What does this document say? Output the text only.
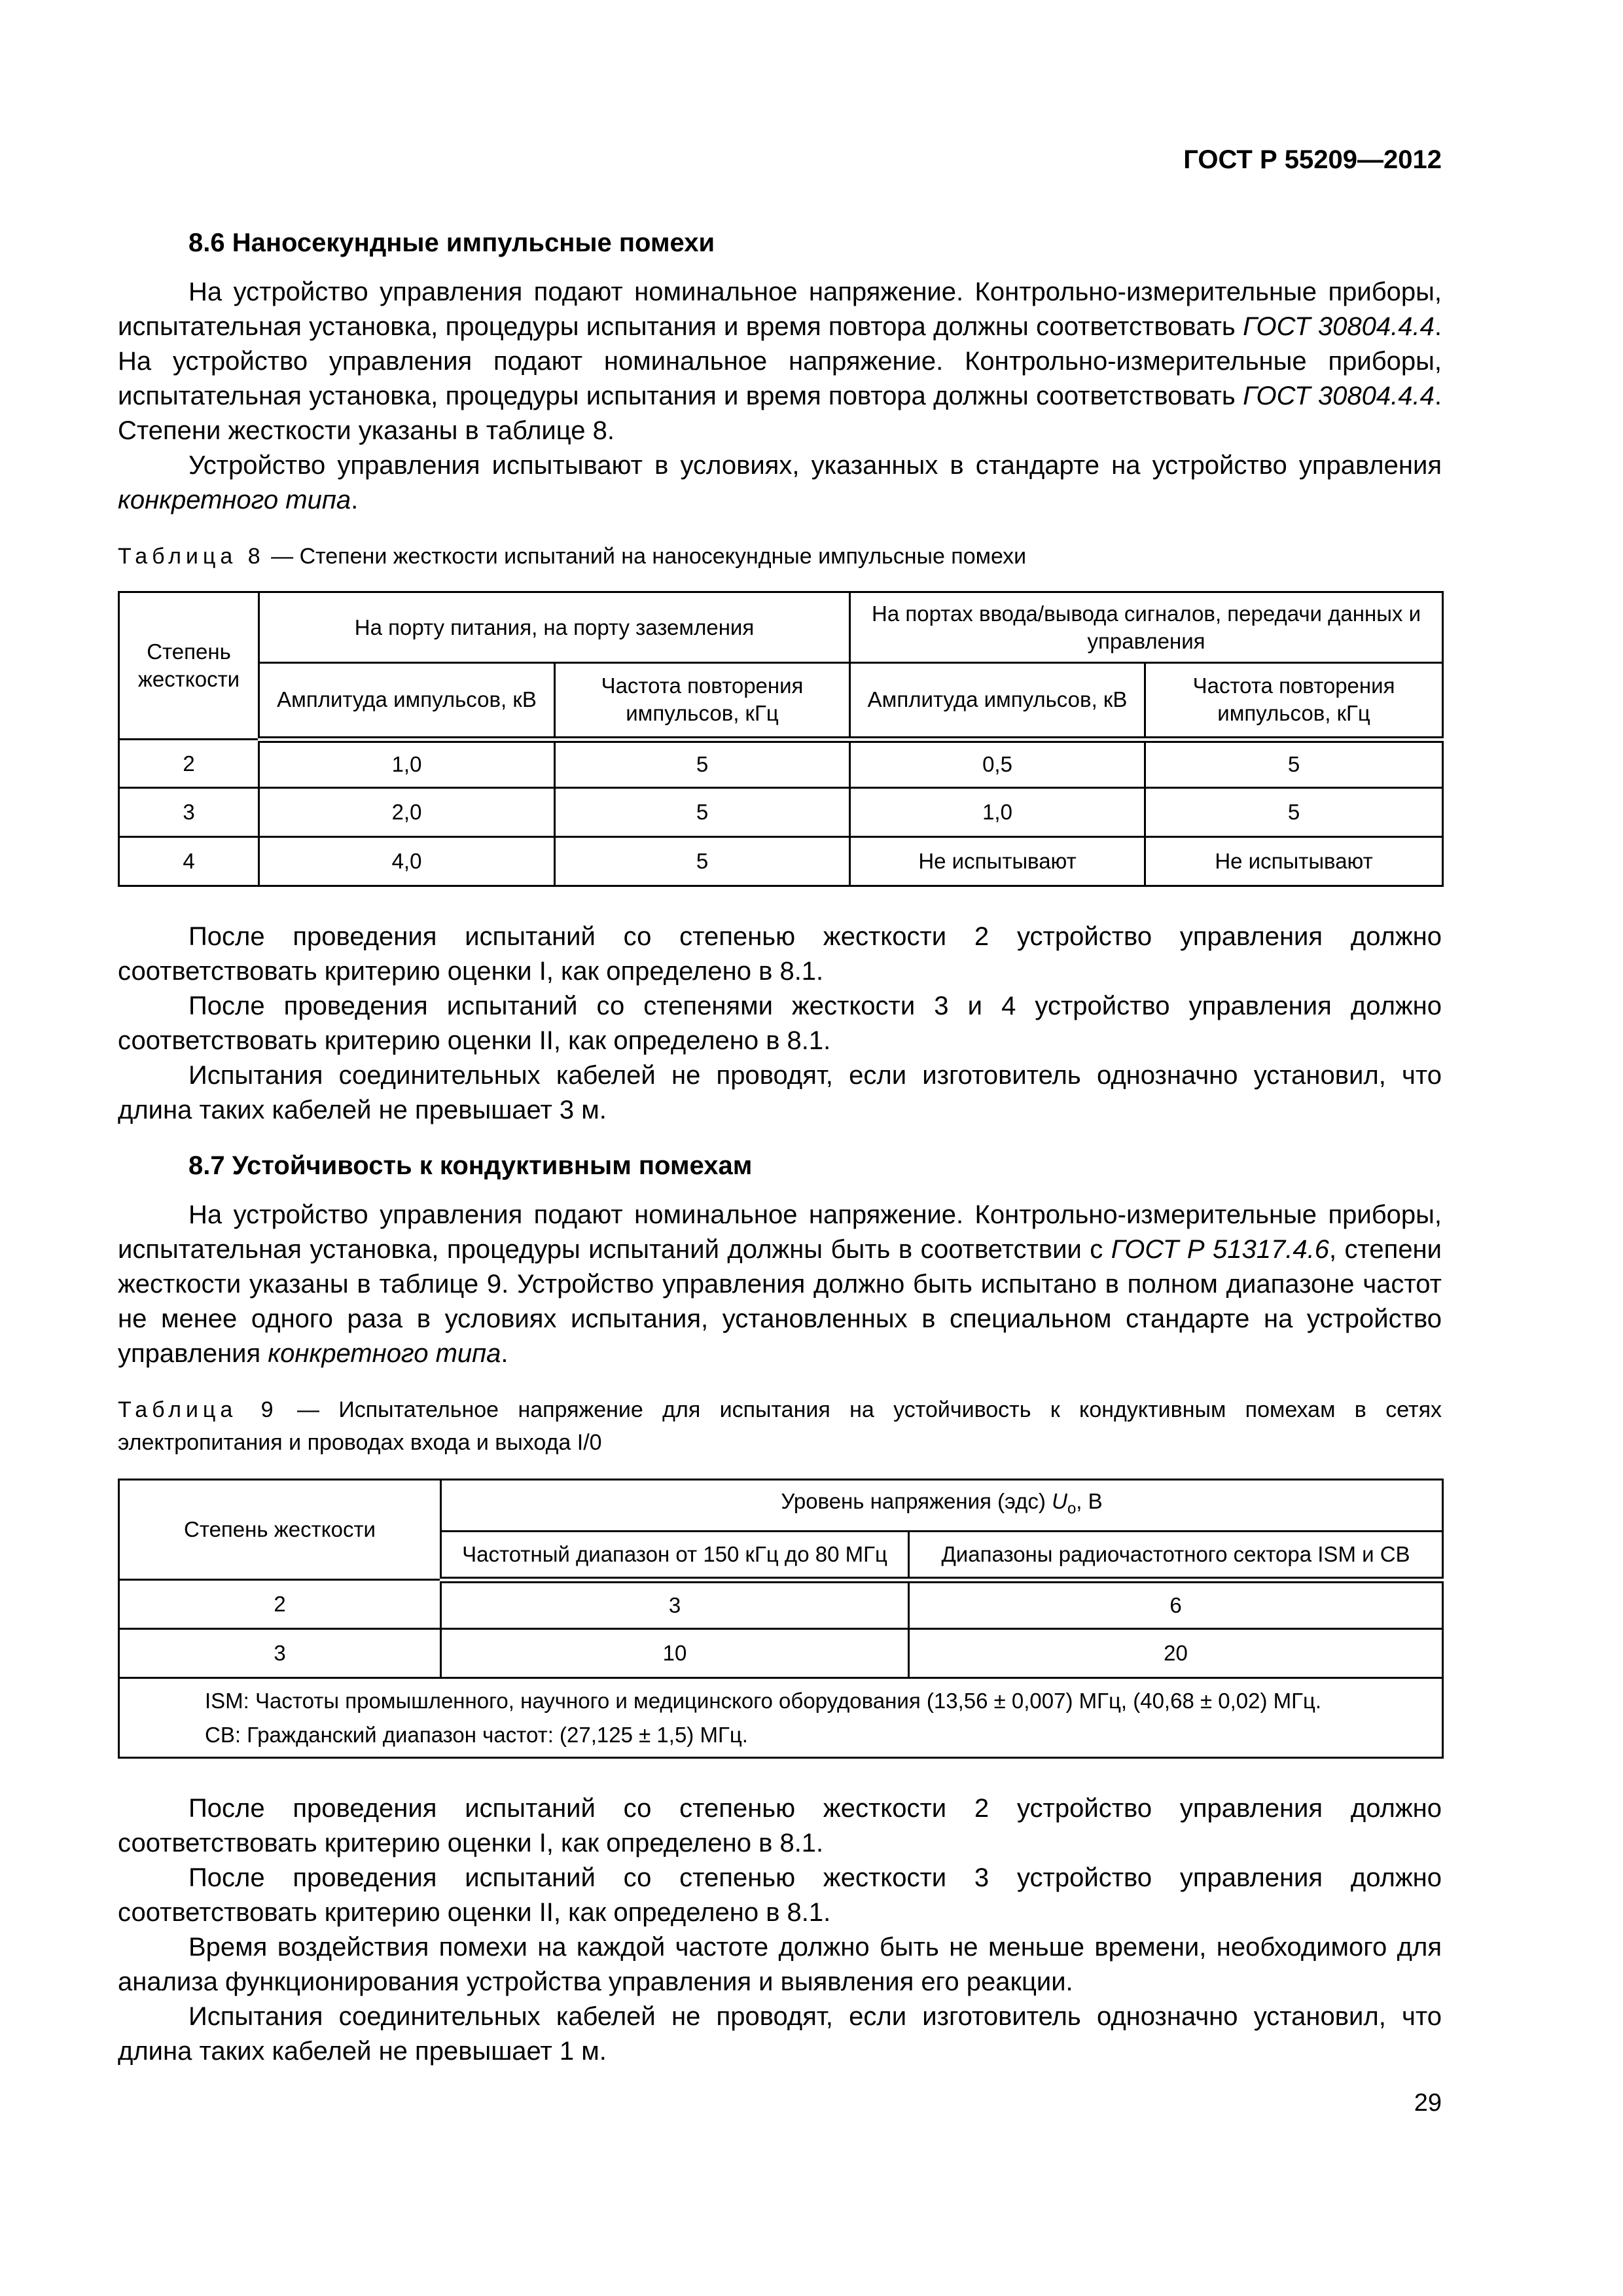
ГОСТ Р 55209—2012
8.6 Наносекундные импульсные помехи

На устройство управления подают номинальное напряжение. Контрольно-измерительные приборы, испытательная установка, процедуры испытания и время повтора должны соответствовать ГОСТ 30804.4.4. На устройство управления подают номинальное напряжение. Контрольно-измерительные приборы, испытательная установка, процедуры испытания и время повтора должны соответствовать ГОСТ 30804.4.4. Степени жесткости указаны в таблице 8.

Устройство управления испытывают в условиях, указанных в стандарте на устройство управления конкретного типа.

Таблица 8 — Степени жесткости испытаний на наносекундные импульсные помехи
Степень жесткости	На порту питания, на порту заземления		На портах ввода/вывода сигналов, передачи данных и управления	
	Амплитуда импульсов, кВ	Частота повторения импульсов, кГц	Амплитуда импульсов, кВ	Частота повторения импульсов, кГц
2	1,0	5	0,5	5
3	2,0	5	1,0	5
4	4,0	5	Не испытывают	Не испытывают

После проведения испытаний со степенью жесткости 2 устройство управления должно соответствовать критерию оценки I, как определено в 8.1.

После проведения испытаний со степенями жесткости 3 и 4 устройство управления должно соответствовать критерию оценки II, как определено в 8.1.

Испытания соединительных кабелей не проводят, если изготовитель однозначно установил, что длина таких кабелей не превышает 3 м.

8.7 Устойчивость к кондуктивным помехам

На устройство управления подают номинальное напряжение. Контрольно-измерительные приборы, испытательная установка, процедуры испытаний должны быть в соответствии с ГОСТ Р 51317.4.6, степени жесткости указаны в таблице 9. Устройство управления должно быть испытано в полном диапазоне частот не менее одного раза в условиях испытания, установленных в специальном стандарте на устройство управления конкретного типа.

Таблица 9 — Испытательное напряжение для испытания на устойчивость к кондуктивным помехам в сетях электропитания и проводах входа и выхода I/0
Степень жесткости	Уровень напряжения (эдс) $U_o$, В	
	Частотный диапазон от 150 кГц до 80 МГц	Диапазоны радиочастотного сектора ISM и CB
2	3	6
3	10	20

ISM: Частоты промышленного, научного и медицинского оборудования (13,56 ± 0,007) МГц, (40,68 ± 0,02) МГц.
CB: Гражданский диапазон частот: (27,125 ± 1,5) МГц.		

После проведения испытаний со степенью жесткости 2 устройство управления должно соответствовать критерию оценки I, как определено в 8.1.

После проведения испытаний со степенью жесткости 3 устройство управления должно соответствовать критерию оценки II, как определено в 8.1.

Время воздействия помехи на каждой частоте должно быть не меньше времени, необходимого для анализа функционирования устройства управления и выявления его реакции.

Испытания соединительных кабелей не проводят, если изготовитель однозначно установил, что длина таких кабелей не превышает 1 м.

29
